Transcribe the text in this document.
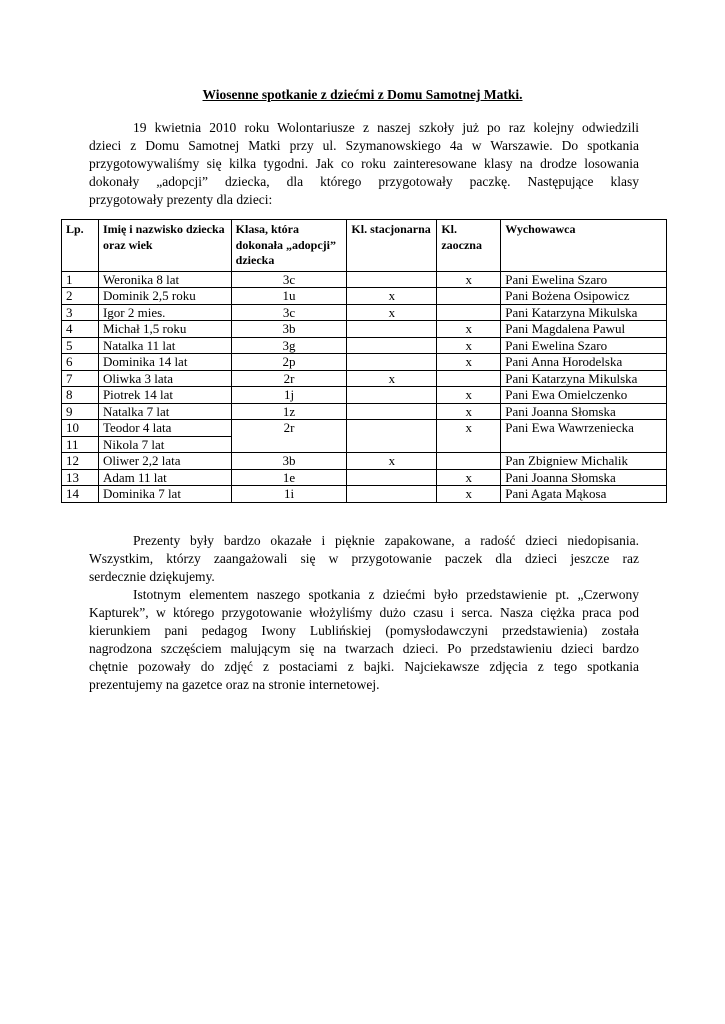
Wiosenne spotkanie z dziećmi z Domu Samotnej Matki.
19 kwietnia 2010 roku Wolontariusze z naszej szkoły już po raz kolejny odwiedzili
dzieci z Domu Samotnej Matki przy ul. Szymanowskiego 4a w Warszawie. Do spotkania
przygotowywaliśmy się kilka tygodni. Jak co roku zainteresowane klasy na drodze losowania
dokonały „adopcji” dziecka, dla którego przygotowały paczkę. Następujące klasy
przygotowały prezenty dla dzieci:
Lp.	Imię i nazwisko dziecka oraz wiek	Klasa, która dokonała „adopcji” dziecka	Kl. stacjonarna	Kl. zaoczna	Wychowawca
1	Weronika 8 lat	3c		x	Pani Ewelina Szaro
2	Dominik 2,5 roku	1u	x		Pani Bożena Osipowicz
3	Igor 2 mies.	3c	x		Pani Katarzyna Mikulska
4	Michał 1,5 roku	3b		x	Pani Magdalena Pawul
5	Natalka 11 lat	3g		x	Pani Ewelina Szaro
6	Dominika 14 lat	2p		x	Pani Anna Horodelska
7	Oliwka 3 lata	2r	x		Pani Katarzyna Mikulska
8	Piotrek 14 lat	1j		x	Pani Ewa Omielczenko
9	Natalka 7 lat	1z		x	Pani Joanna Słomska
10	Teodor 4 lata	2r		x	Pani Ewa Wawrzeniecka
11	Nikola 7 lat				
12	Oliwer 2,2 lata	3b	x		Pan Zbigniew Michalik
13	Adam 11 lat	1e		x	Pani Joanna Słomska
14	Dominika 7 lat	1i		x	Pani Agata Mąkosa
Prezenty były bardzo okazałe i pięknie zapakowane, a radość dzieci niedopisania.
Wszystkim, którzy zaangażowali się w przygotowanie paczek dla dzieci jeszcze raz
serdecznie dziękujemy.
Istotnym elementem naszego spotkania z dziećmi było przedstawienie pt. „Czerwony
Kapturek”, w którego przygotowanie włożyliśmy dużo czasu i serca. Nasza ciężka praca pod
kierunkiem pani pedagog Iwony Lublińskiej (pomysłodawczyni przedstawienia) została
nagrodzona szczęściem malującym się na twarzach dzieci. Po przedstawieniu dzieci bardzo
chętnie pozowały do zdjęć z postaciami z bajki. Najciekawsze zdjęcia z tego spotkania
prezentujemy na gazetce oraz na stronie internetowej.
